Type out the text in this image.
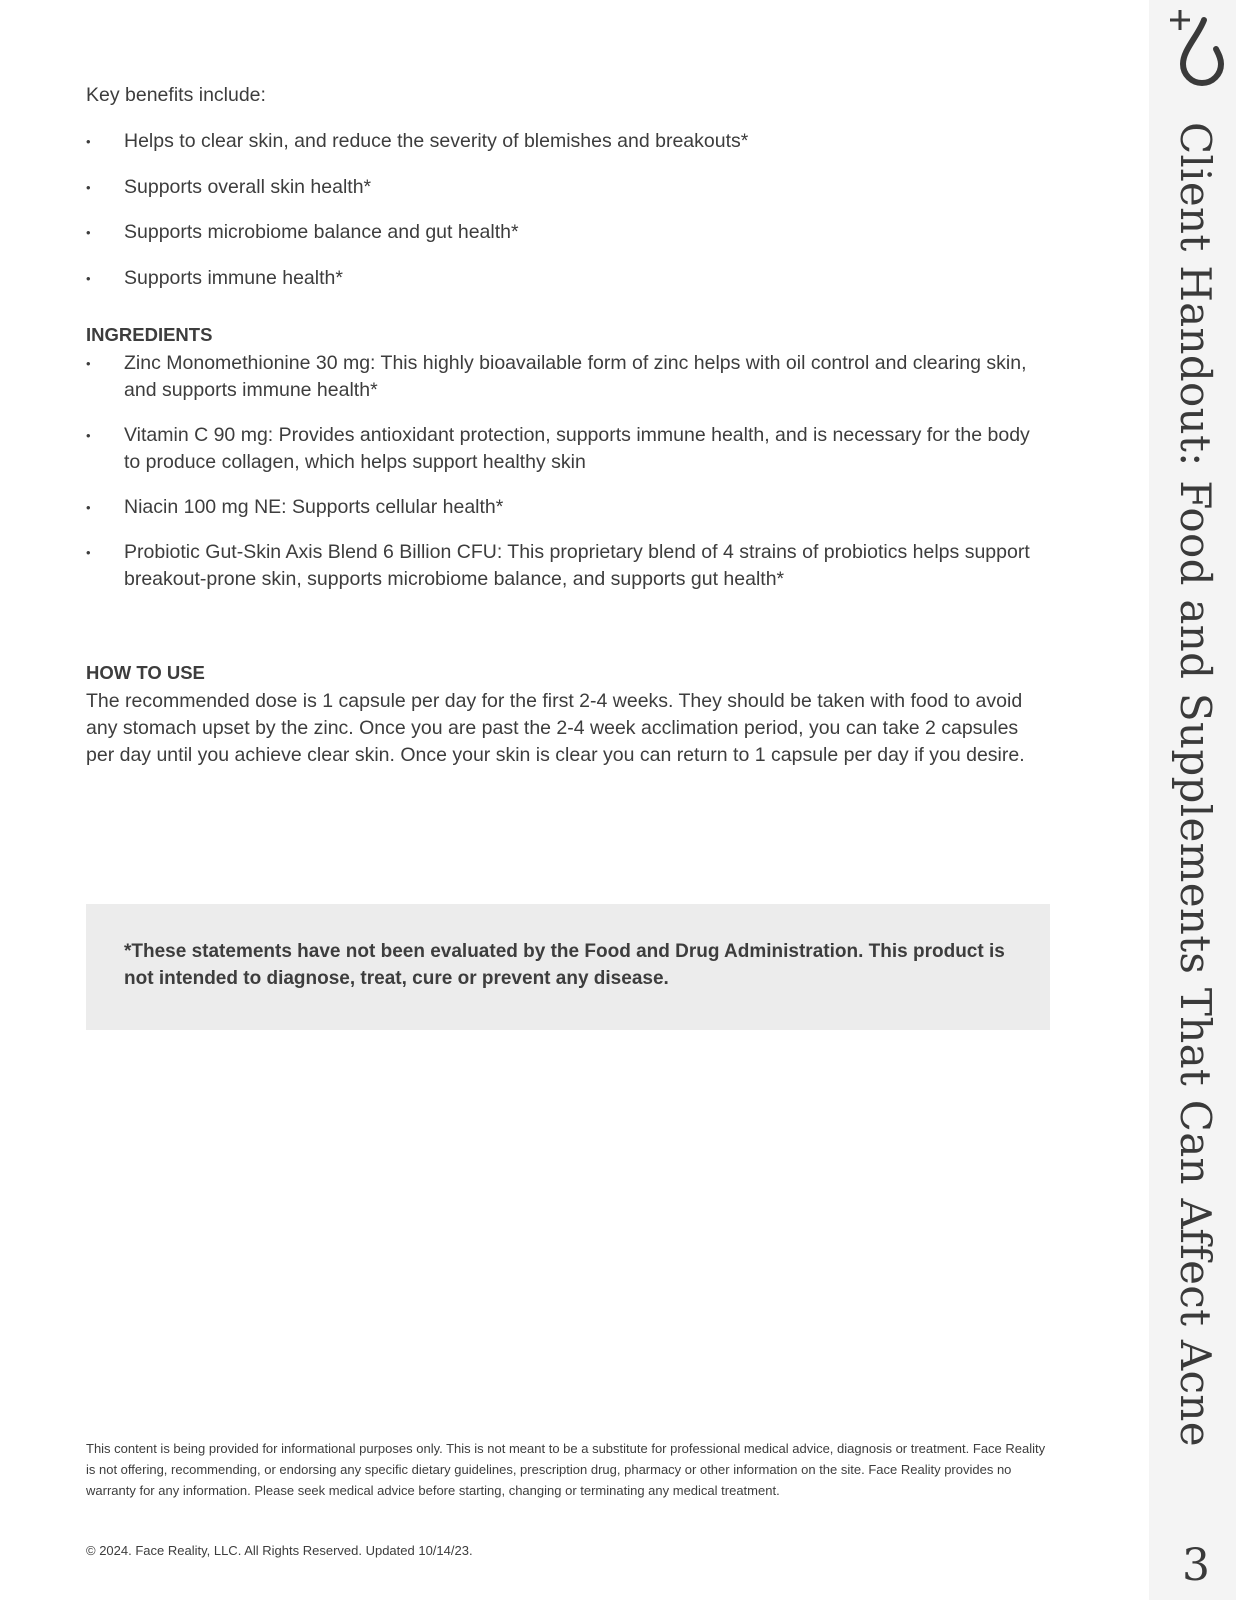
Key benefits include:

• Helps to clear skin, and reduce the severity of blemishes and breakouts*
• Supports overall skin health*
• Supports microbiome balance and gut health*
• Supports immune health*
INGREDIENTS
• Zinc Monomethionine 30 mg: This highly bioavailable form of zinc helps with oil control and clearing skin, and supports immune health*
• Vitamin C 90 mg: Provides antioxidant protection, supports immune health, and is necessary for the body to produce collagen, which helps support healthy skin
• Niacin 100 mg NE: Supports cellular health*
• Probiotic Gut-Skin Axis Blend 6 Billion CFU: This proprietary blend of 4 strains of probiotics helps support breakout-prone skin, supports microbiome balance, and supports gut health*
HOW TO USE

The recommended dose is 1 capsule per day for the first 2-4 weeks. They should be taken with food to avoid any stomach upset by the zinc. Once you are past the 2-4 week acclimation period, you can take 2 capsules per day until you achieve clear skin. Once your skin is clear you can return to 1 capsule per day if you desire.

*These statements have not been evaluated by the Food and Drug Administration. This product is not intended to diagnose, treat, cure or prevent any disease.

This content is being provided for informational purposes only. This is not meant to be a substitute for professional medical advice, diagnosis or treatment. Face Reality is not offering, recommending, or endorsing any specific dietary guidelines, prescription drug, pharmacy or other information on the site. Face Reality provides no warranty for any information. Please seek medical advice before starting, changing or terminating any medical treatment.

© 2024. Face Reality, LLC. All Rights Reserved. Updated 10/14/23.

Client Handout: Food and Supplements That Can Affect Acne
3
